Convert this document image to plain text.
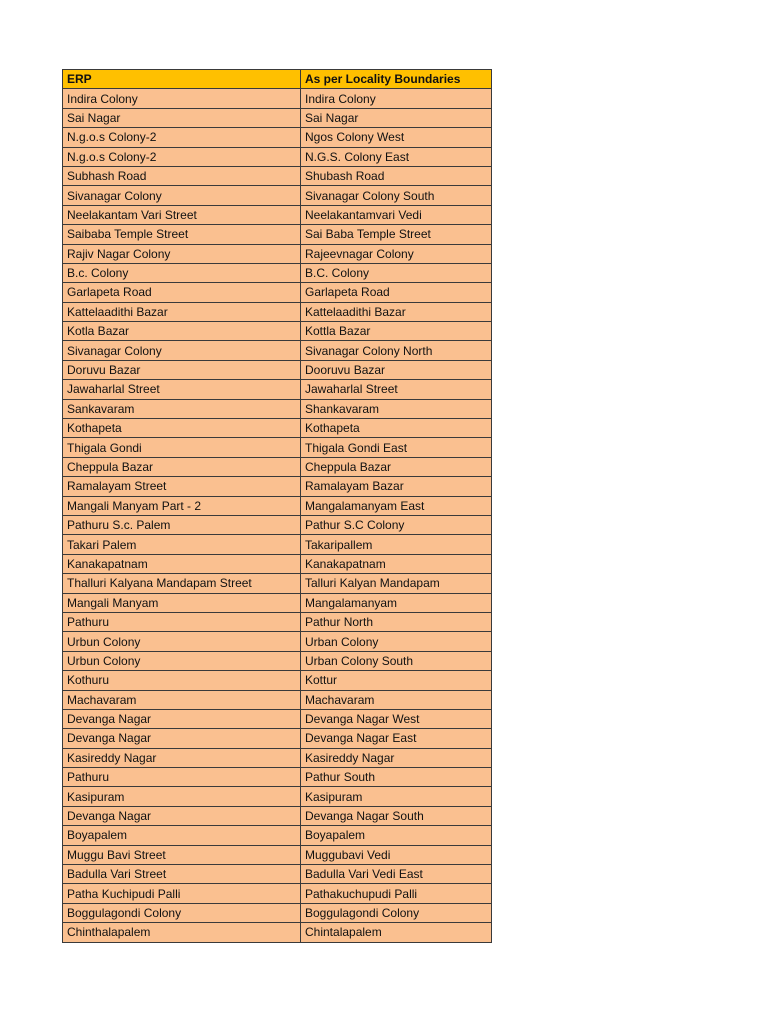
ERP	As per Locality Boundaries
Indira Colony	Indira Colony
Sai Nagar	Sai Nagar
N.g.o.s Colony-2	Ngos Colony West
N.g.o.s Colony-2	N.G.S. Colony East
Subhash Road	Shubash Road
Sivanagar Colony	Sivanagar Colony South
Neelakantam Vari Street	Neelakantamvari Vedi
Saibaba Temple Street	Sai Baba Temple Street
Rajiv Nagar Colony	Rajeevnagar Colony
B.c. Colony	B.C. Colony
Garlapeta Road	Garlapeta Road
Kattelaadithi Bazar	Kattelaadithi Bazar
Kotla Bazar	Kottla Bazar
Sivanagar Colony	Sivanagar Colony North
Doruvu Bazar	Dooruvu Bazar
Jawaharlal Street	Jawaharlal Street
Sankavaram	Shankavaram
Kothapeta	Kothapeta
Thigala Gondi	Thigala Gondi East
Cheppula Bazar	Cheppula Bazar
Ramalayam Street	Ramalayam Bazar
Mangali Manyam Part - 2	Mangalamanyam East
Pathuru S.c. Palem	Pathur S.C Colony
Takari Palem	Takaripallem
Kanakapatnam	Kanakapatnam
Thalluri Kalyana Mandapam Street	Talluri Kalyan Mandapam
Mangali Manyam	Mangalamanyam
Pathuru	Pathur North
Urbun Colony	Urban Colony
Urbun Colony	Urban Colony South
Kothuru	Kottur
Machavaram	Machavaram
Devanga Nagar	Devanga Nagar West
Devanga Nagar	Devanga Nagar East
Kasireddy Nagar	Kasireddy Nagar
Pathuru	Pathur South
Kasipuram	Kasipuram
Devanga Nagar	Devanga Nagar South
Boyapalem	Boyapalem
Muggu Bavi Street	Muggubavi Vedi
Badulla Vari Street	Badulla Vari Vedi East
Patha Kuchipudi Palli	Pathakuchupudi Palli
Boggulagondi Colony	Boggulagondi Colony
Chinthalapalem	Chintalapalem
